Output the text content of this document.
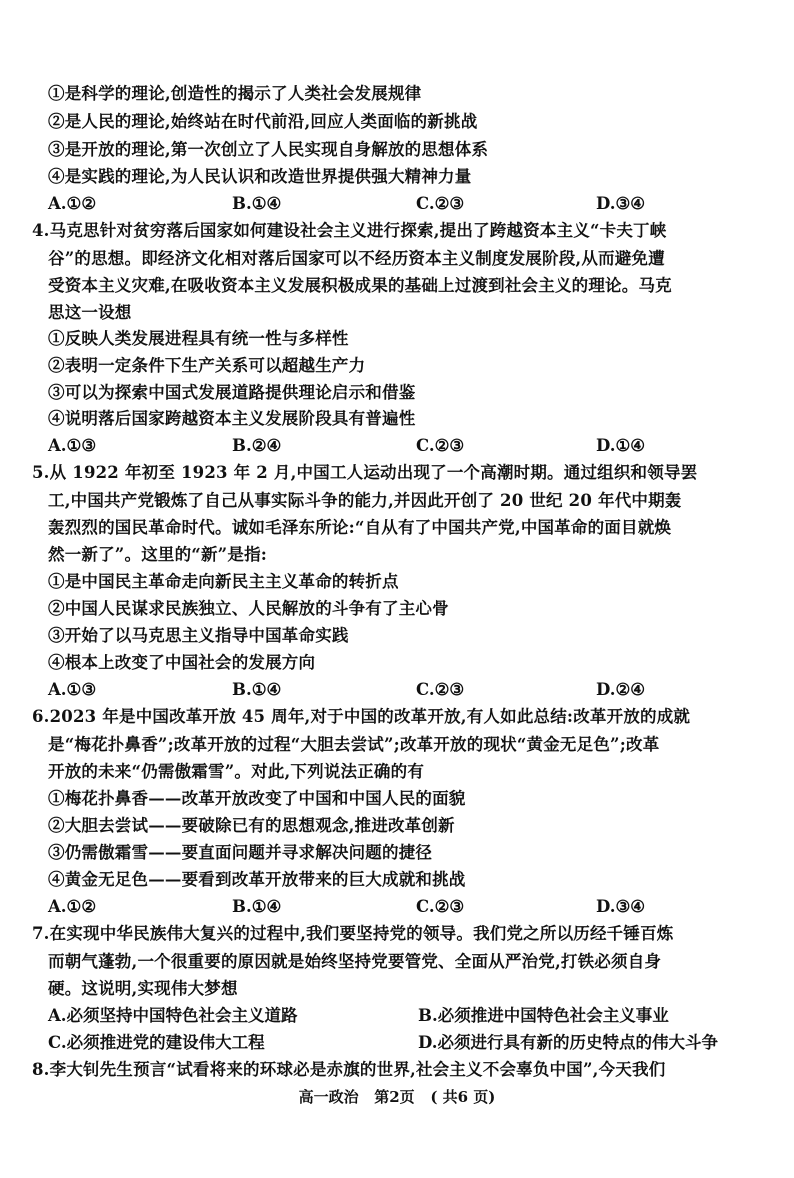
①是科学的理论,创造性的揭示了人类社会发展规律
②是人民的理论,始终站在时代前沿,回应人类面临的新挑战
③是开放的理论,第一次创立了人民实现自身解放的思想体系
④是实践的理论,为人民认识和改造世界提供强大精神力量
A.①②	B.①④	C.②③	D.③④
4.马克思针对贫穷落后国家如何建设社会主义进行探索,提出了跨越资本主义“卡夫丁峡
谷”的思想。即经济文化相对落后国家可以不经历资本主义制度发展阶段,从而避免遭
受资本主义灾难,在吸收资本主义发展积极成果的基础上过渡到社会主义的理论。马克
思这一设想
①反映人类发展进程具有统一性与多样性
②表明一定条件下生产关系可以超越生产力
③可以为探索中国式发展道路提供理论启示和借鉴
④说明落后国家跨越资本主义发展阶段具有普遍性
A.①③	B.②④	C.②③	D.①④
5.从 1922 年初至 1923 年 2 月,中国工人运动出现了一个高潮时期。通过组织和领导罢
工,中国共产党锻炼了自己从事实际斗争的能力,并因此开创了 20 世纪 20 年代中期轰
轰烈烈的国民革命时代。诚如毛泽东所论:“自从有了中国共产党,中国革命的面目就焕
然一新了”。这里的“新”是指:
①是中国民主革命走向新民主主义革命的转折点
②中国人民谋求民族独立、人民解放的斗争有了主心骨
③开始了以马克思主义指导中国革命实践
④根本上改变了中国社会的发展方向
A.①③	B.①④	C.②③	D.②④
6.2023 年是中国改革开放 45 周年,对于中国的改革开放,有人如此总结:改革开放的成就
是“梅花扑鼻香”;改革开放的过程“大胆去尝试”;改革开放的现状“黄金无足色”;改革
开放的未来“仍需傲霜雪”。对此,下列说法正确的有
①梅花扑鼻香——改革开放改变了中国和中国人民的面貌
②大胆去尝试——要破除已有的思想观念,推进改革创新
③仍需傲霜雪——要直面问题并寻求解决问题的捷径
④黄金无足色——要看到改革开放带来的巨大成就和挑战
A.①②	B.①④	C.②③	D.③④
7.在实现中华民族伟大复兴的过程中,我们要坚持党的领导。我们党之所以历经千锤百炼
而朝气蓬勃,一个很重要的原因就是始终坚持党要管党、全面从严治党,打铁必须自身
硬。这说明,实现伟大梦想
A.必须坚持中国特色社会主义道路	B.必须推进中国特色社会主义事业
C.必须推进党的建设伟大工程	D.必须进行具有新的历史特点的伟大斗争
8.李大钊先生预言“试看将来的环球必是赤旗的世界,社会主义不会辜负中国”,今天我们
高一政治   第2页   ( 共6 页)
